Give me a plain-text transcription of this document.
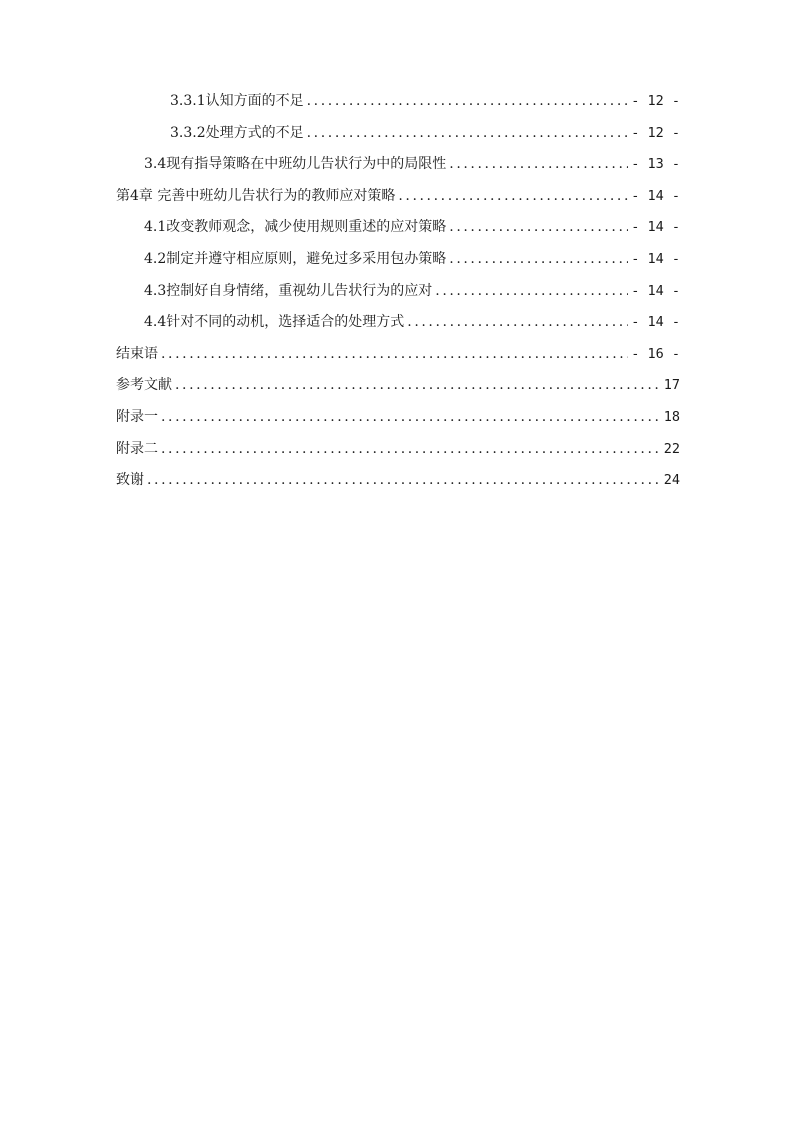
3.3.1认知方面的不足 .....	- 12 -
3.3.2处理方式的不足 .....	- 12 -
3.4现有指导策略在中班幼儿告状行为中的局限性 .....	- 13 -
第4章 完善中班幼儿告状行为的教师应对策略 .....	- 14 -
4.1改变教师观念，减少使用规则重述的应对策略 .....	- 14 -
4.2制定并遵守相应原则，避免过多采用包办策略 .....	- 14 -
4.3控制好自身情绪，重视幼儿告状行为的应对 .....	- 14 -
4.4针对不同的动机，选择适合的处理方式 .....	- 14 -
结束语 .....	- 16 -
参考文献 .....	17
附录一 .....	18
附录二 .....	22
致谢 .....	24
